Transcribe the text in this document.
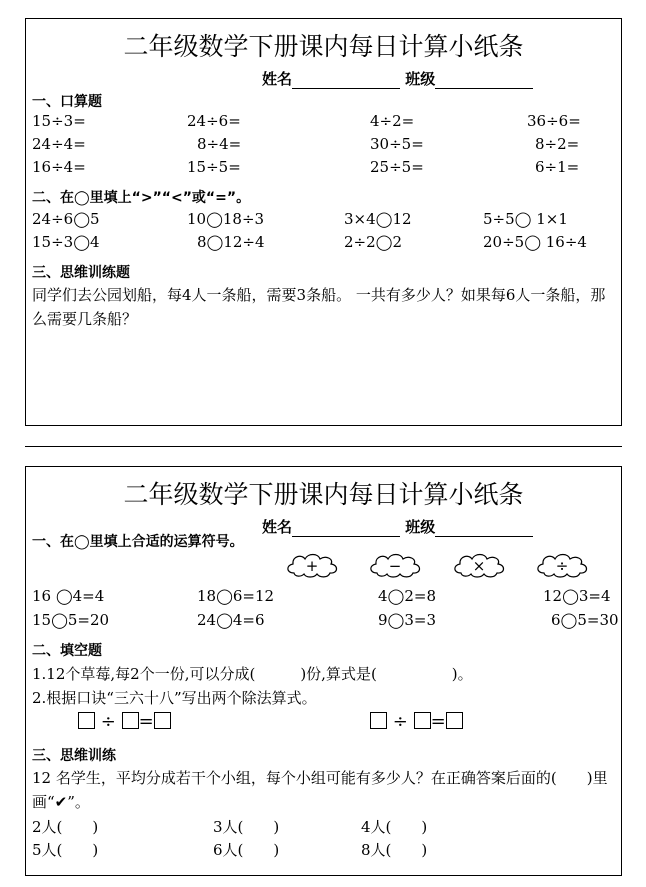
二年级数学下册课内每日计算小纸条
姓名	班级
一、口算题
15÷3=	24÷6=	4÷2=	36÷6=
24÷4=	8÷4=	30÷5=	8÷2=
16÷4=	15÷5=	25÷5=	6÷1=
二、在◯里填上“>”“<”或“=”。
24÷6◯5	10◯18÷3	3×4◯12	5÷5◯ 1×1
15÷3◯4	8◯12÷4	2÷2◯2	20÷5◯ 16÷4
三、思维训练题
同学们去公园划船，每4人一条船，需要3条船。 一共有多少人？如果每6人一条船，那么需要几条船？
二年级数学下册课内每日计算小纸条
姓名	班级
一、在◯里填上合适的运算符号。
+	−	×	÷
16 ◯4=4	18◯6=12	4◯2=8	12◯3=4
15◯5=20	24◯4=6	9◯3=3	6◯5=30
二、填空题
1.12个草莓,每2个一份,可以分成(　　　)份,算式是(　　　　　)。
2.根据口诀“三六十八”写出两个除法算式。
÷ =	÷ =
三、思维训练
12 名学生，平均分成若干个小组，每个小组可能有多少人？在正确答案后面的(　　)里画“✔”。
2人(　　)	3人(　　)	4人(　　)
5人(　　)	6人(　　)	8人(　　)
